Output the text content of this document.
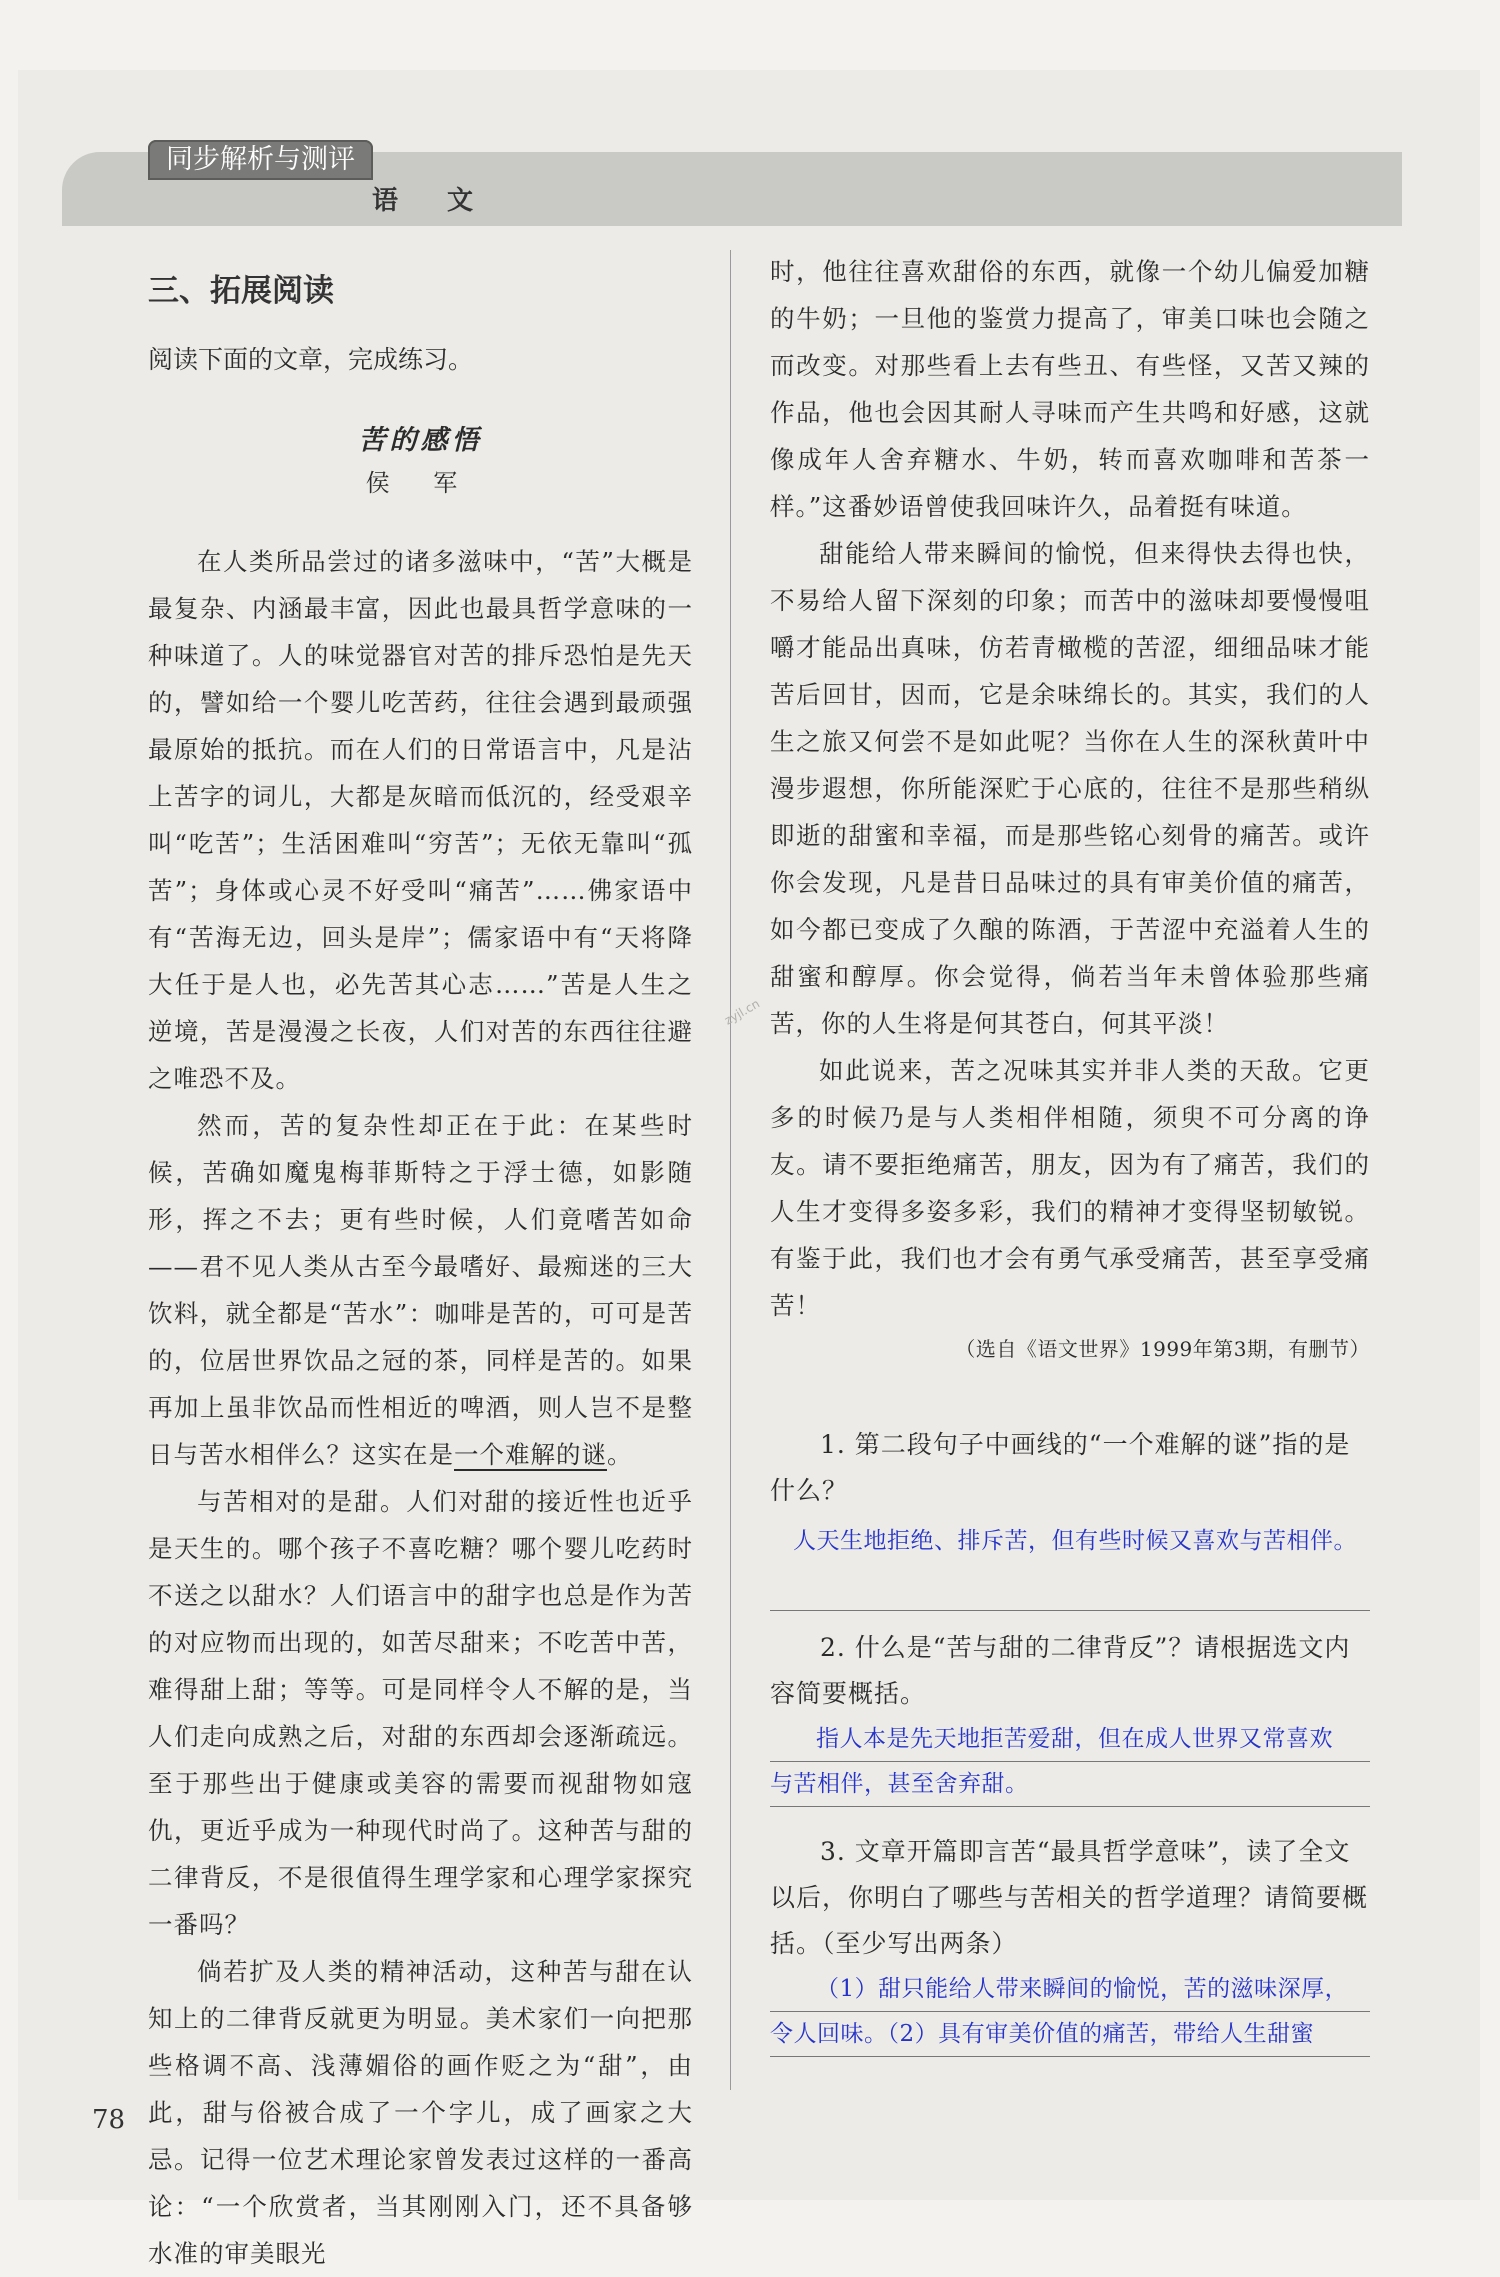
同步解析与测评
语 文
三、拓展阅读
阅读下面的文章，完成练习。
苦的感悟
侯 军

在人类所品尝过的诸多滋味中，“苦”大概是最复杂、内涵最丰富，因此也最具哲学意味的一种味道了。人的味觉器官对苦的排斥恐怕是先天的，譬如给一个婴儿吃苦药，往往会遇到最顽强最原始的抵抗。而在人们的日常语言中，凡是沾上苦字的词儿，大都是灰暗而低沉的，经受艰辛叫“吃苦”；生活困难叫“穷苦”；无依无靠叫“孤苦”；身体或心灵不好受叫“痛苦”……佛家语中有“苦海无边，回头是岸”；儒家语中有“天将降大任于是人也，必先苦其心志……”苦是人生之逆境，苦是漫漫之长夜，人们对苦的东西往往避之唯恐不及。

然而，苦的复杂性却正在于此：在某些时候，苦确如魔鬼梅菲斯特之于浮士德，如影随形，挥之不去；更有些时候，人们竟嗜苦如命——君不见人类从古至今最嗜好、最痴迷的三大饮料，就全都是“苦水”：咖啡是苦的，可可是苦的，位居世界饮品之冠的茶，同样是苦的。如果再加上虽非饮品而性相近的啤酒，则人岂不是整日与苦水相伴么？这实在是一个难解的谜。

与苦相对的是甜。人们对甜的接近性也近乎是天生的。哪个孩子不喜吃糖？哪个婴儿吃药时不送之以甜水？人们语言中的甜字也总是作为苦的对应物而出现的，如苦尽甜来；不吃苦中苦，难得甜上甜；等等。可是同样令人不解的是，当人们走向成熟之后，对甜的东西却会逐渐疏远。至于那些出于健康或美容的需要而视甜物如寇仇，更近乎成为一种现代时尚了。这种苦与甜的二律背反，不是很值得生理学家和心理学家探究一番吗？

倘若扩及人类的精神活动，这种苦与甜在认知上的二律背反就更为明显。美术家们一向把那些格调不高、浅薄媚俗的画作贬之为“甜”，由此，甜与俗被合成了一个字儿，成了画家之大忌。记得一位艺术理论家曾发表过这样的一番高论：“一个欣赏者，当其刚刚入门，还不具备够水准的审美眼光

时，他往往喜欢甜俗的东西，就像一个幼儿偏爱加糖的牛奶；一旦他的鉴赏力提高了，审美口味也会随之而改变。对那些看上去有些丑、有些怪，又苦又辣的作品，他也会因其耐人寻味而产生共鸣和好感，这就像成年人舍弃糖水、牛奶，转而喜欢咖啡和苦茶一样。”这番妙语曾使我回味许久，品着挺有味道。

甜能给人带来瞬间的愉悦，但来得快去得也快，不易给人留下深刻的印象；而苦中的滋味却要慢慢咀嚼才能品出真味，仿若青橄榄的苦涩，细细品味才能苦后回甘，因而，它是余味绵长的。其实，我们的人生之旅又何尝不是如此呢？当你在人生的深秋黄叶中漫步遐想，你所能深贮于心底的，往往不是那些稍纵即逝的甜蜜和幸福，而是那些铭心刻骨的痛苦。或许你会发现，凡是昔日品味过的具有审美价值的痛苦，如今都已变成了久酿的陈酒，于苦涩中充溢着人生的甜蜜和醇厚。你会觉得，倘若当年未曾体验那些痛苦，你的人生将是何其苍白，何其平淡！

如此说来，苦之况味其实并非人类的天敌。它更多的时候乃是与人类相伴相随，须臾不可分离的诤友。请不要拒绝痛苦，朋友，因为有了痛苦，我们的人生才变得多姿多彩，我们的精神才变得坚韧敏锐。有鉴于此，我们也才会有勇气承受痛苦，甚至享受痛苦！

（选自《语文世界》1999年第3期，有删节）

1. 第二段句子中画线的“一个难解的谜”指的是什么？

人天生地拒绝、排斥苦，但有些时候又喜欢与苦相伴。

2. 什么是“苦与甜的二律背反”？请根据选文内容简要概括。

指人本是先天地拒苦爱甜，但在成人世界又常喜欢

与苦相伴，甚至舍弃甜。

3. 文章开篇即言苦“最具哲学意味”，读了全文以后，你明白了哪些与苦相关的哲学道理？请简要概括。（至少写出两条）

（1）甜只能给人带来瞬间的愉悦，苦的滋味深厚，

令人回味。（2）具有审美价值的痛苦，带给人生甜蜜

zyjl.cn
78
